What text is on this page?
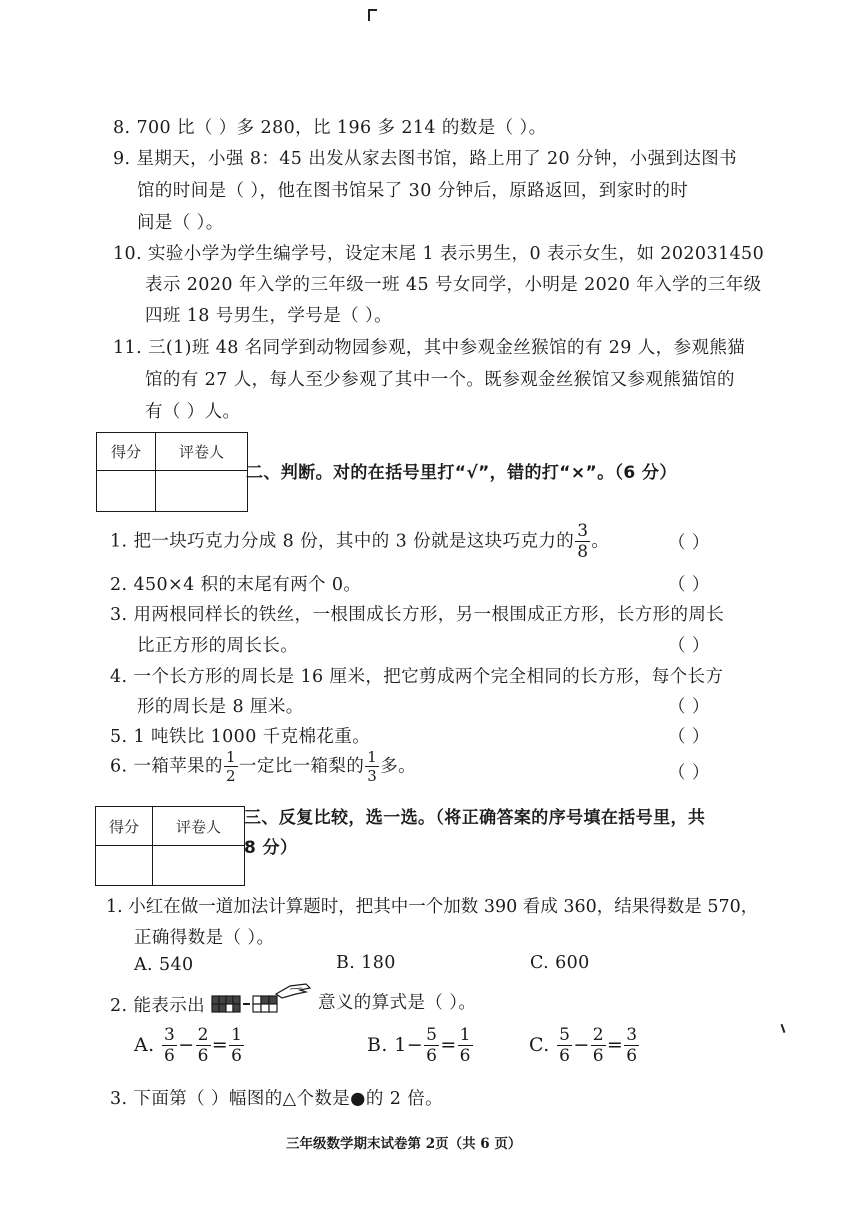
8. 700 比（ ）多 280，比 196 多 214 的数是（ ）。
9. 星期天，小强 8：45 出发从家去图书馆，路上用了 20 分钟，小强到达图书
馆的时间是（ ），他在图书馆呆了 30 分钟后，原路返回，到家时的时
间是（ ）。
10. 实验小学为学生编学号，设定末尾 1 表示男生，0 表示女生，如 202031450
表示 2020 年入学的三年级一班 45 号女同学，小明是 2020 年入学的三年级
四班 18 号男生，学号是（ ）。
11. 三(1)班 48 名同学到动物园参观，其中参观金丝猴馆的有 29 人，参观熊猫
馆的有 27 人，每人至少参观了其中一个。既参观金丝猴馆又参观熊猫馆的
有（ ）人。
得分	评卷人

二、判断。对的在括号里打“√”，错的打“×”。（6 分）
1. 把一块巧克力分成 8 份，其中的 3 份就是这块巧克力的 $\frac{3}{8}$ 。	（ ）
2. 450×4 积的末尾有两个 0。	（ ）
3. 用两根同样长的铁丝，一根围成长方形，另一根围成正方形，长方形的周长
比正方形的周长长。	（ ）
4. 一个长方形的周长是 16 厘米，把它剪成两个完全相同的长方形，每个长方
形的周长是 8 厘米。	（ ）
5. 1 吨铁比 1000 千克棉花重。	（ ）
6. 一箱苹果的 $\frac{1}{2}$ 一定比一箱梨的 $\frac{1}{3}$ 多。	（ ）
得分	评卷人
	三、反复比较，选一选。（将正确答案的序号填在括号里，共
8 分）
1. 小红在做一道加法计算题时，把其中一个加数 390 看成 360，结果得数是 570，
正确得数是（ ）。
A. 540	B. 180	C. 600
2. 能表示出	意义的算式是（ ）。
A. $\frac{3}{6} - \frac{2}{6} = \frac{1}{6}$	B. $1- \frac{5}{6} = \frac{1}{6}$	C. $\frac{5}{6} - \frac{2}{6} = \frac{3}{6}$
3. 下面第（ ）幅图的△个数是●的 2 倍。
三年级数学期末试卷第 2页（共 6 页）
